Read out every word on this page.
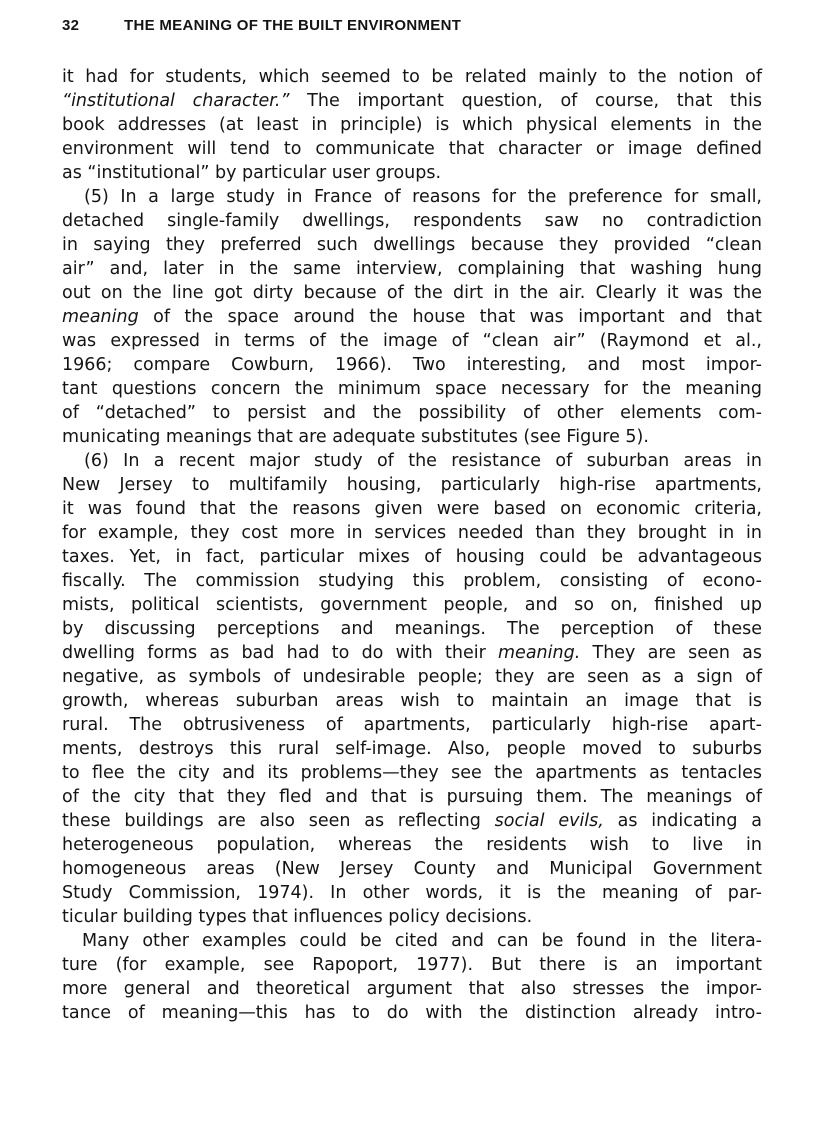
32	THE MEANING OF THE BUILT ENVIRONMENT
it had for students, which seemed to be related mainly to the notion of
“institutional character.” The important question, of course, that this
book addresses (at least in principle) is which physical elements in the
environment will tend to communicate that character or image defined
as “institutional” by particular user groups.
(5) In a large study in France of reasons for the preference for small,
detached single-family dwellings, respondents saw no contradiction
in saying they preferred such dwellings because they provided “clean
air” and, later in the same interview, complaining that washing hung
out on the line got dirty because of the dirt in the air. Clearly it was the
meaning of the space around the house that was important and that
was expressed in terms of the image of “clean air” (Raymond et al.,
1966; compare Cowburn, 1966). Two interesting, and most impor-
tant questions concern the minimum space necessary for the meaning
of “detached” to persist and the possibility of other elements com-
municating meanings that are adequate substitutes (see Figure 5).
(6) In a recent major study of the resistance of suburban areas in
New Jersey to multifamily housing, particularly high-rise apartments,
it was found that the reasons given were based on economic criteria,
for example, they cost more in services needed than they brought in in
taxes. Yet, in fact, particular mixes of housing could be advantageous
fiscally. The commission studying this problem, consisting of econo-
mists, political scientists, government people, and so on, finished up
by discussing perceptions and meanings. The perception of these
dwelling forms as bad had to do with their meaning. They are seen as
negative, as symbols of undesirable people; they are seen as a sign of
growth, whereas suburban areas wish to maintain an image that is
rural. The obtrusiveness of apartments, particularly high-rise apart-
ments, destroys this rural self-image. Also, people moved to suburbs
to flee the city and its problems—they see the apartments as tentacles
of the city that they fled and that is pursuing them. The meanings of
these buildings are also seen as reflecting social evils, as indicating a
heterogeneous population, whereas the residents wish to live in
homogeneous areas (New Jersey County and Municipal Government
Study Commission, 1974). In other words, it is the meaning of par-
ticular building types that influences policy decisions.
Many other examples could be cited and can be found in the litera-
ture (for example, see Rapoport, 1977). But there is an important
more general and theoretical argument that also stresses the impor-
tance of meaning—this has to do with the distinction already intro-
